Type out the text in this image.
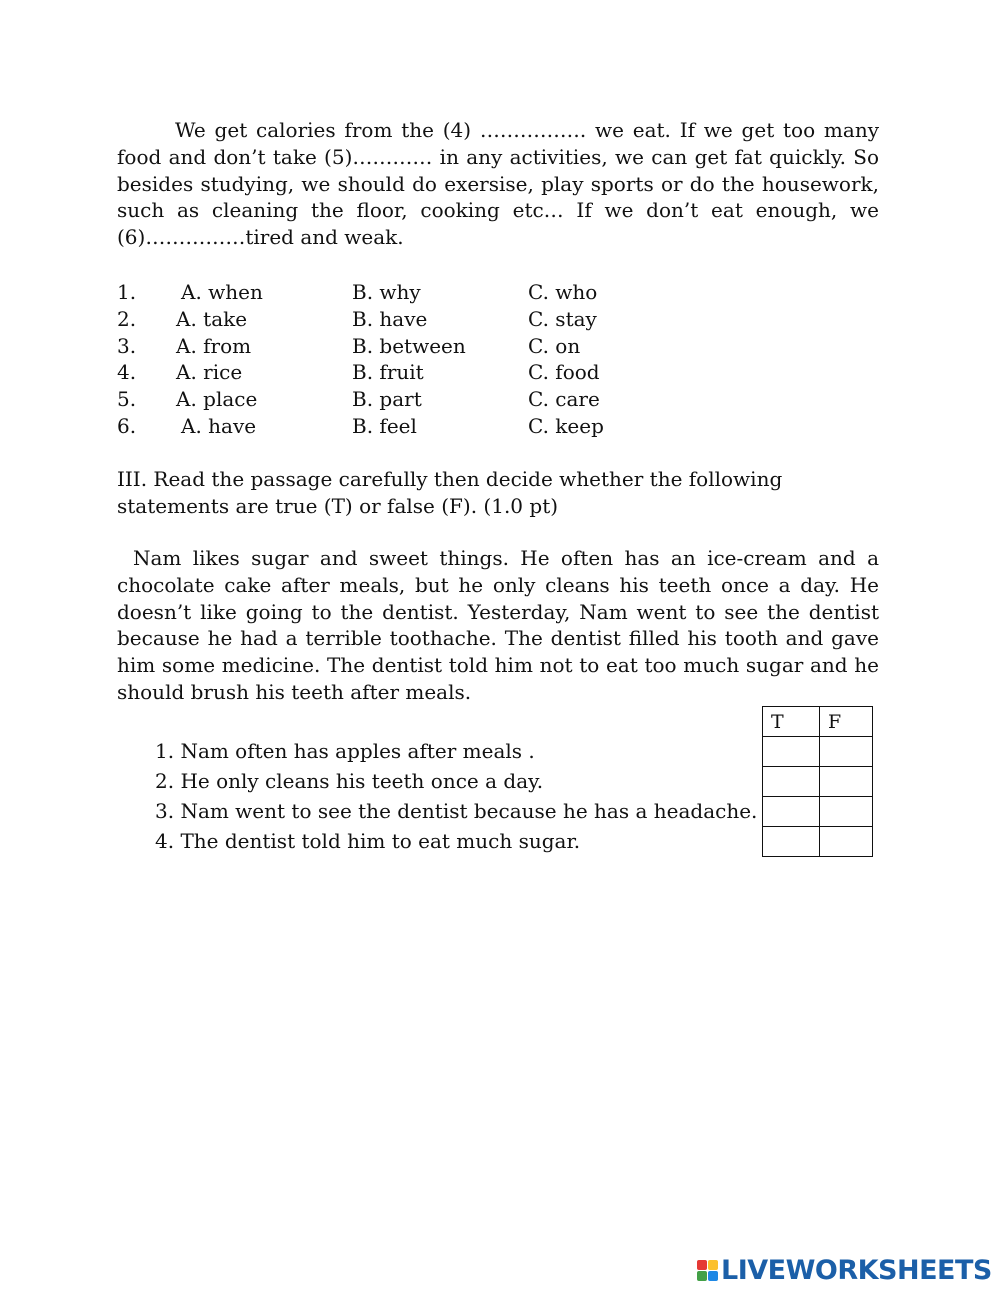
We get calories from the (4) ……………. we eat. If we get too many food and don’t take (5)………… in any activities, we can get fat quickly. So besides studying, we should do exersise, play sports or do the housework, such as cleaning the floor, cooking etc… If we don’t eat enough, we (6)……………tired and weak.

1. A. when	B. why	C. who
2. A. take	B. have	C. stay
3. A. from	B. between	C. on
4. A. rice	B. fruit	C. food
5. A. place	B. part	C. care
6. A. have	B. feel	C. keep

III. Read the passage carefully then decide whether the following statements are true (T) or false (F). (1.0 pt)

Nam likes sugar and sweet things. He often has an ice-cream and a chocolate cake after meals, but he only cleans his teeth once a day. He doesn’t like going to the dentist. Yesterday, Nam went to see the dentist because he had a terrible toothache. The dentist filled his tooth and gave him some medicine. The dentist told him not to eat too much sugar and he should brush his teeth after meals.

1. Nam often has apples after meals .
2. He only cleans his teeth once a day.
3. Nam went to see the dentist because he has a headache.
4. The dentist told him to eat much sugar.
T	F

LIVEWORKSHEETS
